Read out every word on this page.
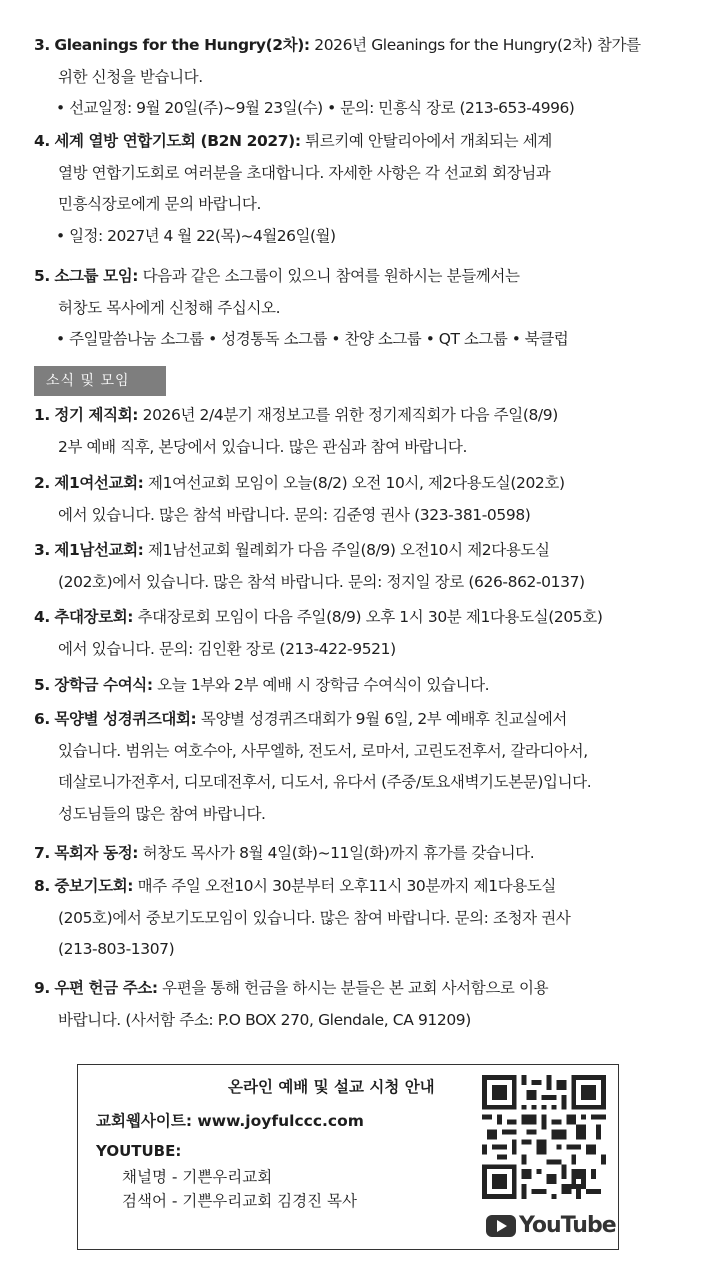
3. Gleanings for the Hungry(2차): 2026년 Gleanings for the Hungry(2차) 참가를
위한 신청을 받습니다.
• 선교일정: 9월 20일(주)~9월 23일(수) • 문의: 민흥식 장로 (213-653-4996)
4. 세계 열방 연합기도회 (B2N 2027): 튀르키예 안탈리아에서 개최되는 세계
열방 연합기도회로 여러분을 초대합니다. 자세한 사항은 각 선교회 회장님과
민흥식장로에게 문의 바랍니다.
• 일정: 2027년 4 월 22(목)~4월26일(월)
5. 소그룹 모임: 다음과 같은 소그룹이 있으니 참여를 원하시는 분들께서는
허창도 목사에게 신청해 주십시오.
• 주일말씀나눔 소그룹 • 성경통독 소그룹 • 찬양 소그룹 • QT 소그룹 • 북클럽
소식 및 모임
1. 정기 제직회: 2026년 2/4분기 재정보고를 위한 정기제직회가 다음 주일(8/9)
2부 예배 직후, 본당에서 있습니다. 많은 관심과 참여 바랍니다.
2. 제1여선교회: 제1여선교회 모임이 오늘(8/2) 오전 10시, 제2다용도실(202호)
에서 있습니다. 많은 참석 바랍니다. 문의: 김준영 권사 (323-381-0598)
3. 제1남선교회: 제1남선교회 월례회가 다음 주일(8/9) 오전10시 제2다용도실
(202호)에서 있습니다. 많은 참석 바랍니다. 문의: 정지일 장로 (626-862-0137)
4. 추대장로회: 추대장로회 모임이 다음 주일(8/9) 오후 1시 30분 제1다용도실(205호)
에서 있습니다. 문의: 김인환 장로 (213-422-9521)
5. 장학금 수여식: 오늘 1부와 2부 예배 시 장학금 수여식이 있습니다.
6. 목양별 성경퀴즈대회: 목양별 성경퀴즈대회가 9월 6일, 2부 예배후 친교실에서
있습니다. 범위는 여호수아, 사무엘하, 전도서, 로마서, 고린도전후서, 갈라디아서,
데살로니가전후서, 디모데전후서, 디도서, 유다서 (주중/토요새벽기도본문)입니다.
성도님들의 많은 참여 바랍니다.
7. 목회자 동정: 허창도 목사가 8월 4일(화)~11일(화)까지 휴가를 갖습니다.
8. 중보기도회: 매주 주일 오전10시 30분부터 오후11시 30분까지 제1다용도실
(205호)에서 중보기도모임이 있습니다. 많은 참여 바랍니다. 문의: 조청자 권사
(213-803-1307)
9. 우편 헌금 주소: 우편을 통해 헌금을 하시는 분들은 본 교회 사서함으로 이용
바랍니다. (사서함 주소: P.O BOX 270, Glendale, CA 91209)
온라인 예배 및 설교 시청 안내
교회웹사이트: www.joyfulccc.com
YOUTUBE:
채널명 - 기쁜우리교회
검색어 - 기쁜우리교회 김경진 목사
YouTube
